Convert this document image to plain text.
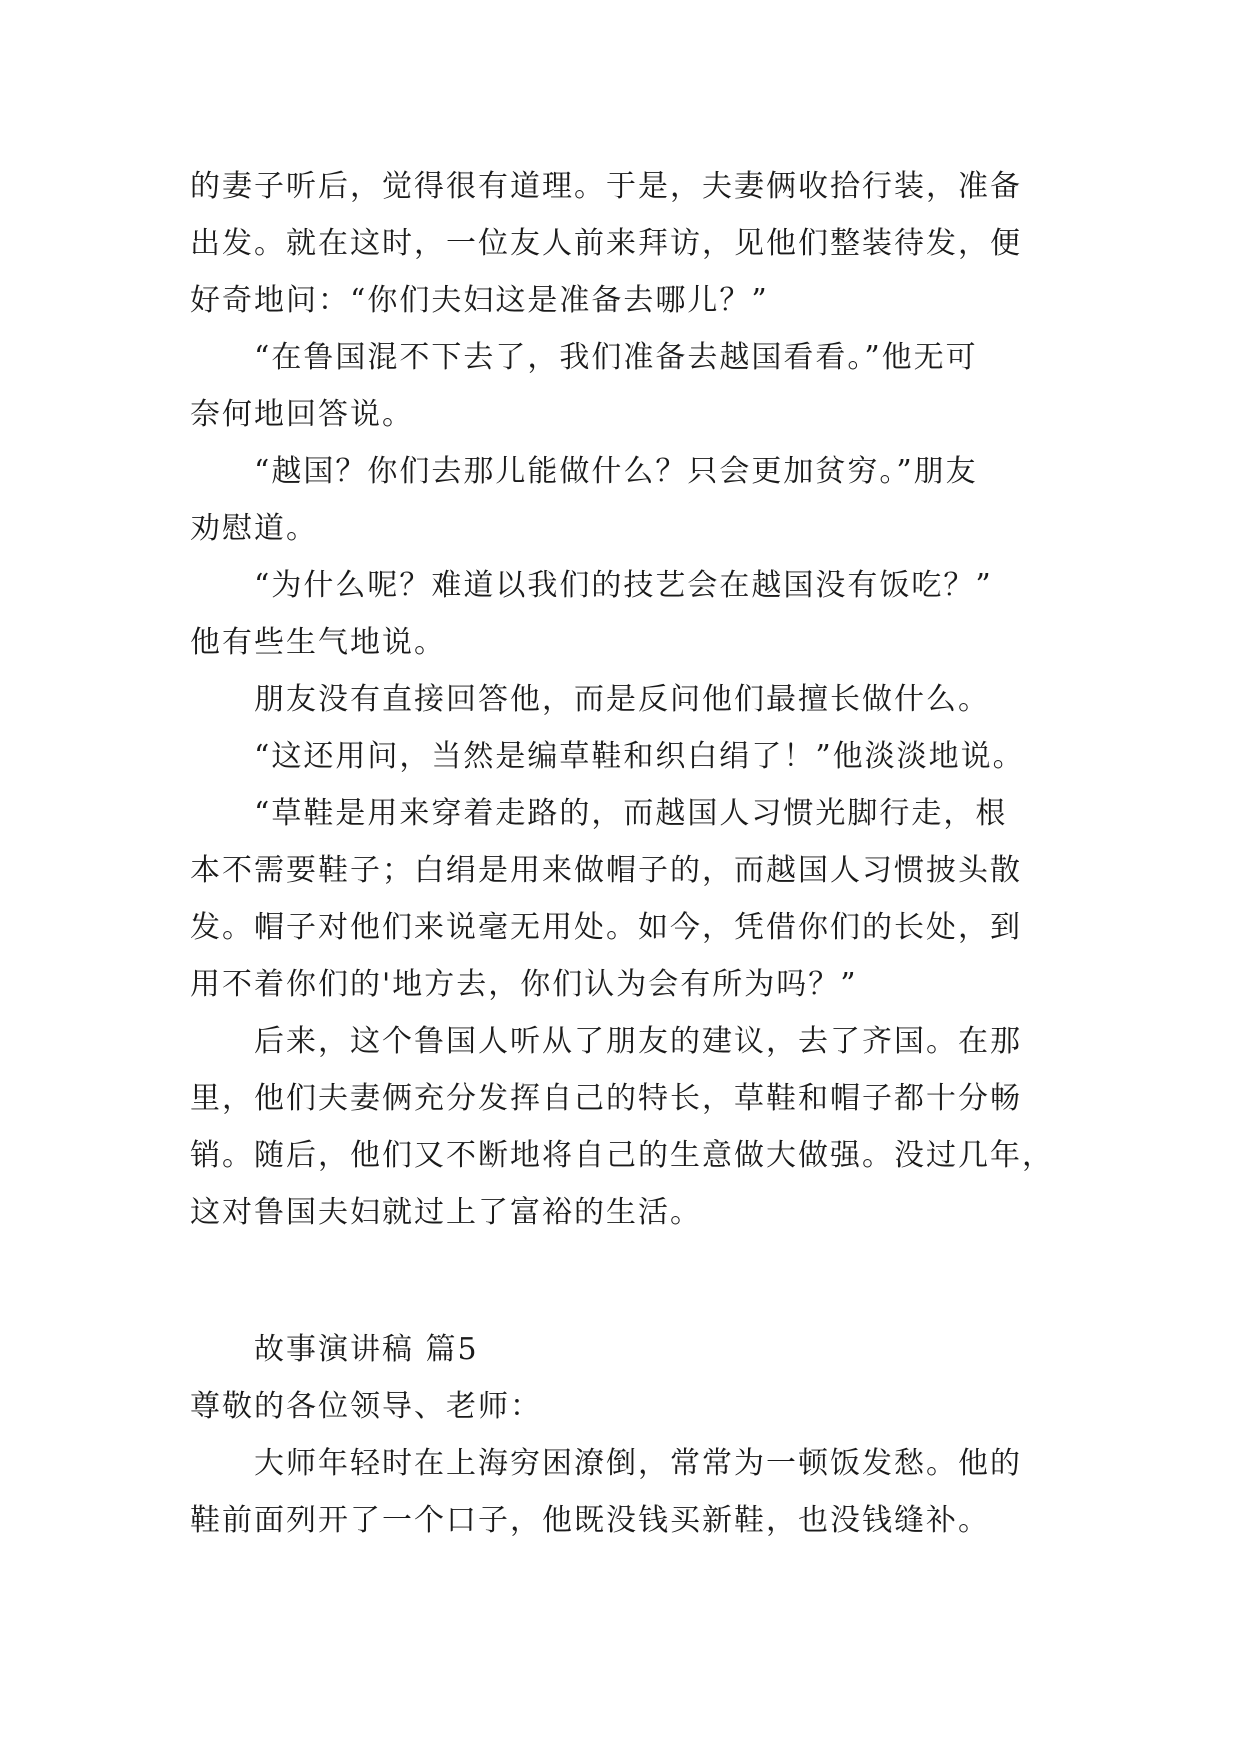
的妻子听后，觉得很有道理。于是，夫妻俩收拾行装，准备
出发。就在这时，一位友人前来拜访，见他们整装待发，便
好奇地问：“你们夫妇这是准备去哪儿？”
“在鲁国混不下去了，我们准备去越国看看。”他无可
奈何地回答说。
“越国？你们去那儿能做什么？只会更加贫穷。”朋友
劝慰道。
“为什么呢？难道以我们的技艺会在越国没有饭吃？”
他有些生气地说。
朋友没有直接回答他，而是反问他们最擅长做什么。
“这还用问，当然是编草鞋和织白绢了！”他淡淡地说。
“草鞋是用来穿着走路的，而越国人习惯光脚行走，根
本不需要鞋子；白绢是用来做帽子的，而越国人习惯披头散
发。帽子对他们来说毫无用处。如今，凭借你们的长处，到
用不着你们的'地方去，你们认为会有所为吗？”
后来，这个鲁国人听从了朋友的建议，去了齐国。在那
里，他们夫妻俩充分发挥自己的特长，草鞋和帽子都十分畅
销。随后，他们又不断地将自己的生意做大做强。没过几年，
这对鲁国夫妇就过上了富裕的生活。
故事演讲稿 篇5
尊敬的各位领导、老师：
大师年轻时在上海穷困潦倒，常常为一顿饭发愁。他的
鞋前面列开了一个口子，他既没钱买新鞋，也没钱缝补。
